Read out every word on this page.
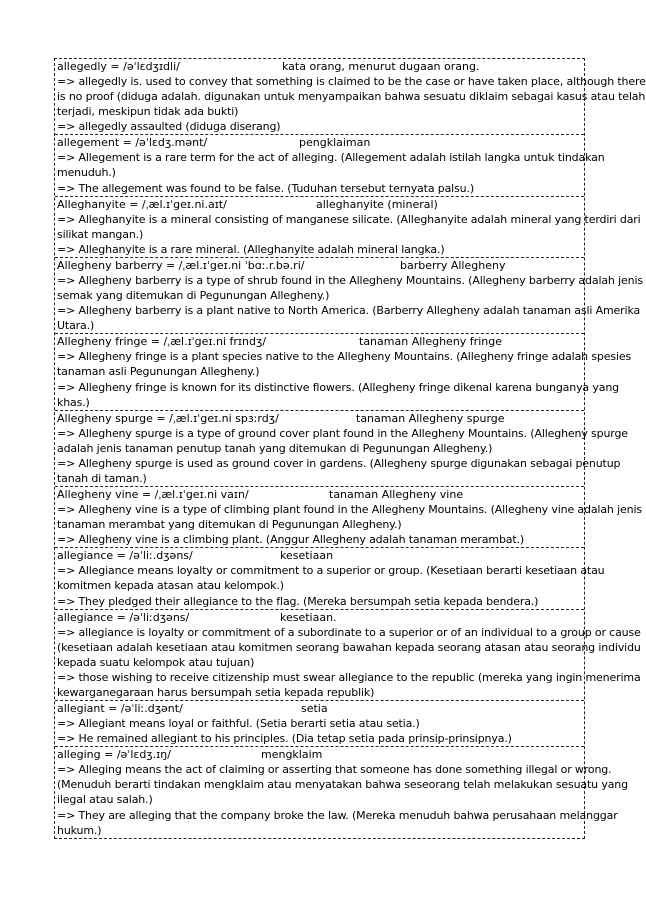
allegedly = /əˈlɛdʒɪdli/	kata orang, menurut dugaan orang.
=> allegedly is. used to convey that something is claimed to be the case or have taken place, although there
is no proof (diduga adalah. digunakan untuk menyampaikan bahwa sesuatu diklaim sebagai kasus atau telah
terjadi, meskipun tidak ada bukti)
=> allegedly assaulted (diduga diserang)
allegement = /əˈlɛdʒ.mənt/	pengklaiman
=> Allegement is a rare term for the act of alleging. (Allegement adalah istilah langka untuk tindakan
menuduh.)
=> The allegement was found to be false. (Tuduhan tersebut ternyata palsu.)
Alleghanyite = /ˌæl.ɪˈgeɪ.ni.aɪt/	alleghanyite (mineral)
=> Alleghanyite is a mineral consisting of manganese silicate. (Alleghanyite adalah mineral yang terdiri dari
silikat mangan.)
=> Alleghanyite is a rare mineral. (Alleghanyite adalah mineral langka.)
Allegheny barberry = /ˌæl.ɪˈgeɪ.ni ˈbɑː.r.bə.ri/	barberry Allegheny
=> Allegheny barberry is a type of shrub found in the Allegheny Mountains. (Allegheny barberry adalah jenis
semak yang ditemukan di Pegunungan Allegheny.)
=> Allegheny barberry is a plant native to North America. (Barberry Allegheny adalah tanaman asli Amerika
Utara.)
Allegheny fringe = /ˌæl.ɪˈgeɪ.ni frɪndʒ/	tanaman Allegheny fringe
=> Allegheny fringe is a plant species native to the Allegheny Mountains. (Allegheny fringe adalah spesies
tanaman asli Pegunungan Allegheny.)
=> Allegheny fringe is known for its distinctive flowers. (Allegheny fringe dikenal karena bunganya yang
khas.)
Allegheny spurge = /ˌæl.ɪˈgeɪ.ni spɜːrdʒ/	tanaman Allegheny spurge
=> Allegheny spurge is a type of ground cover plant found in the Allegheny Mountains. (Allegheny spurge
adalah jenis tanaman penutup tanah yang ditemukan di Pegunungan Allegheny.)
=> Allegheny spurge is used as ground cover in gardens. (Allegheny spurge digunakan sebagai penutup
tanah di taman.)
Allegheny vine = /ˌæl.ɪˈgeɪ.ni vaɪn/	tanaman Allegheny vine
=> Allegheny vine is a type of climbing plant found in the Allegheny Mountains. (Allegheny vine adalah jenis
tanaman merambat yang ditemukan di Pegunungan Allegheny.)
=> Allegheny vine is a climbing plant. (Anggur Allegheny adalah tanaman merambat.)
allegiance = /əˈliː.dʒəns/	kesetiaan
=> Allegiance means loyalty or commitment to a superior or group. (Kesetiaan berarti kesetiaan atau
komitmen kepada atasan atau kelompok.)
=> They pledged their allegiance to the flag. (Mereka bersumpah setia kepada bendera.)
allegiance = /əˈliːdʒəns/	kesetiaan.
=> allegiance is loyalty or commitment of a subordinate to a superior or of an individual to a group or cause
(kesetiaan adalah kesetiaan atau komitmen seorang bawahan kepada seorang atasan atau seorang individu
kepada suatu kelompok atau tujuan)
=> those wishing to receive citizenship must swear allegiance to the republic (mereka yang ingin menerima
kewarganegaraan harus bersumpah setia kepada republik)
allegiant = /əˈliː.dʒənt/	setia
=> Allegiant means loyal or faithful. (Setia berarti setia atau setia.)
=> He remained allegiant to his principles. (Dia tetap setia pada prinsip-prinsipnya.)
alleging = /əˈlɛdʒ.ɪŋ/	mengklaim
=> Alleging means the act of claiming or asserting that someone has done something illegal or wrong.
(Menuduh berarti tindakan mengklaim atau menyatakan bahwa seseorang telah melakukan sesuatu yang
ilegal atau salah.)
=> They are alleging that the company broke the law. (Mereka menuduh bahwa perusahaan melanggar
hukum.)
